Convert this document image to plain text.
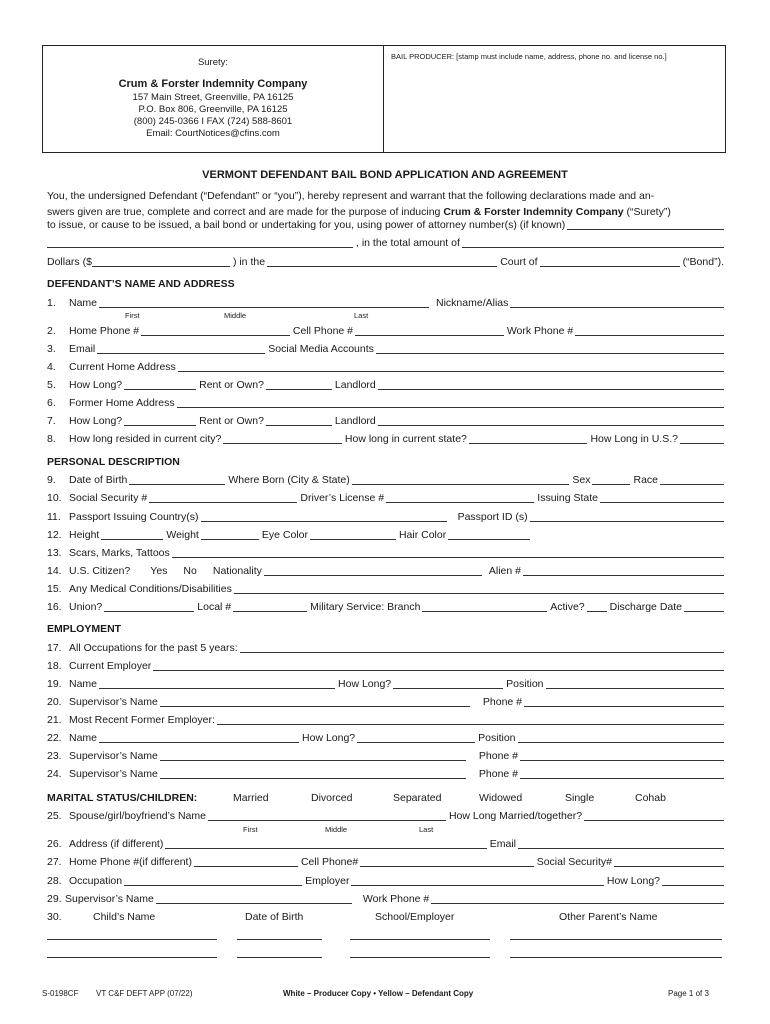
Surety:
Crum & Forster Indemnity Company
157 Main Street, Greenville, PA 16125
P.O. Box 806, Greenville, PA 16125
(800) 245-0366 I FAX (724) 588-8601
Email: CourtNotices@cfins.com
BAIL PRODUCER: [stamp must include name, address, phone no. and license no.]
VERMONT DEFENDANT BAIL BOND APPLICATION AND AGREEMENT
You, the undersigned Defendant (“Defendant” or “you”), hereby represent and warrant that the following declarations made and an-
swers given are true, complete and correct and are made for the purpose of inducing Crum & Forster Indemnity Company (“Surety”)
to issue, or cause to be issued, a bail bond or undertaking for you, using power of attorney number(s) (if known)
, in the total amount of
Dollars ($	) in the	Court of	(“Bond”).
DEFENDANT’S NAME AND ADDRESS
1.	Name	Nickname/Alias
First	Middle	Last
2.	Home Phone #	Cell Phone #	Work Phone #
3.	Email	Social Media Accounts
4.	Current Home Address
5.	How Long?	Rent or Own?	Landlord
6.	Former Home Address
7.	How Long?	Rent or Own?	Landlord
8.	How long resided in current city?	How long in current state?	How Long in U.S.?
PERSONAL DESCRIPTION
9.	Date of Birth	Where Born (City & State)	Sex	Race
10. Social Security #	Driver’s License #	Issuing State
11. Passport Issuing Country(s)	Passport ID (s)
12. Height	Weight	Eye Color	Hair Color
13. Scars, Marks, Tattoos
14. U.S. Citizen? Yes No Nationality	Alien #
15. Any Medical Conditions/Disabilities
16. Union?	Local #	Military Service: Branch	Active? Discharge Date
EMPLOYMENT
17. All Occupations for the past 5 years:
18. Current Employer
19. Name	How Long?	Position
20. Supervisor’s Name	Phone #
21. Most Recent Former Employer:
22. Name	How Long?	Position
23. Supervisor’s Name	Phone #
24. Supervisor’s Name	Phone #
MARITAL STATUS/CHILDREN:	Married	Divorced	Separated	Widowed	Single	Cohab
25. Spouse/girl/boyfriend’s Name	How Long Married/together?
First	Middle	Last
26. Address (if different)	Email
27. Home Phone #(if different)	Cell Phone#	Social Security#
28. Occupation	Employer	How Long?
29. Supervisor’s Name	Work Phone #
30.	Child’s Name	Date of Birth	School/Employer	Other Parent’s Name
S-0198CF VT C&F DEFT APP (07/22)	White – Producer Copy • Yellow – Defendant Copy	Page 1 of 3
